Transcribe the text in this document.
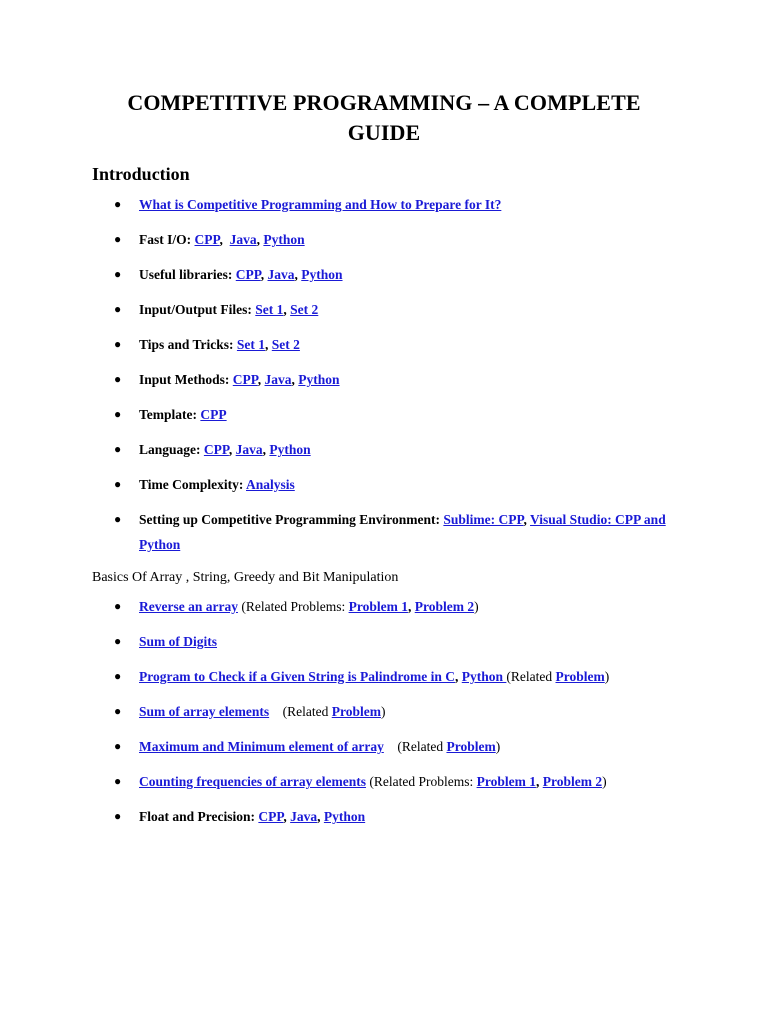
COMPETITIVE PROGRAMMING – A COMPLETE GUIDE
Introduction
● What is Competitive Programming and How to Prepare for It?
● Fast I/O: CPP,  Java, Python
● Useful libraries: CPP, Java, Python
● Input/Output Files: Set 1, Set 2
● Tips and Tricks: Set 1, Set 2
● Input Methods: CPP, Java, Python
● Template: CPP
● Language: CPP, Java, Python
● Time Complexity: Analysis
● Setting up Competitive Programming Environment: Sublime: CPP, Visual Studio: CPP and Python
Basics Of Array , String, Greedy and Bit Manipulation
● Reverse an array (Related Problems: Problem 1, Problem 2)
● Sum of Digits
● Program to Check if a Given String is Palindrome in C, Python (Related Problem)
● Sum of array elements    (Related Problem)
● Maximum and Minimum element of array    (Related Problem)
● Counting frequencies of array elements (Related Problems: Problem 1, Problem 2)
● Float and Precision: CPP, Java, Python
